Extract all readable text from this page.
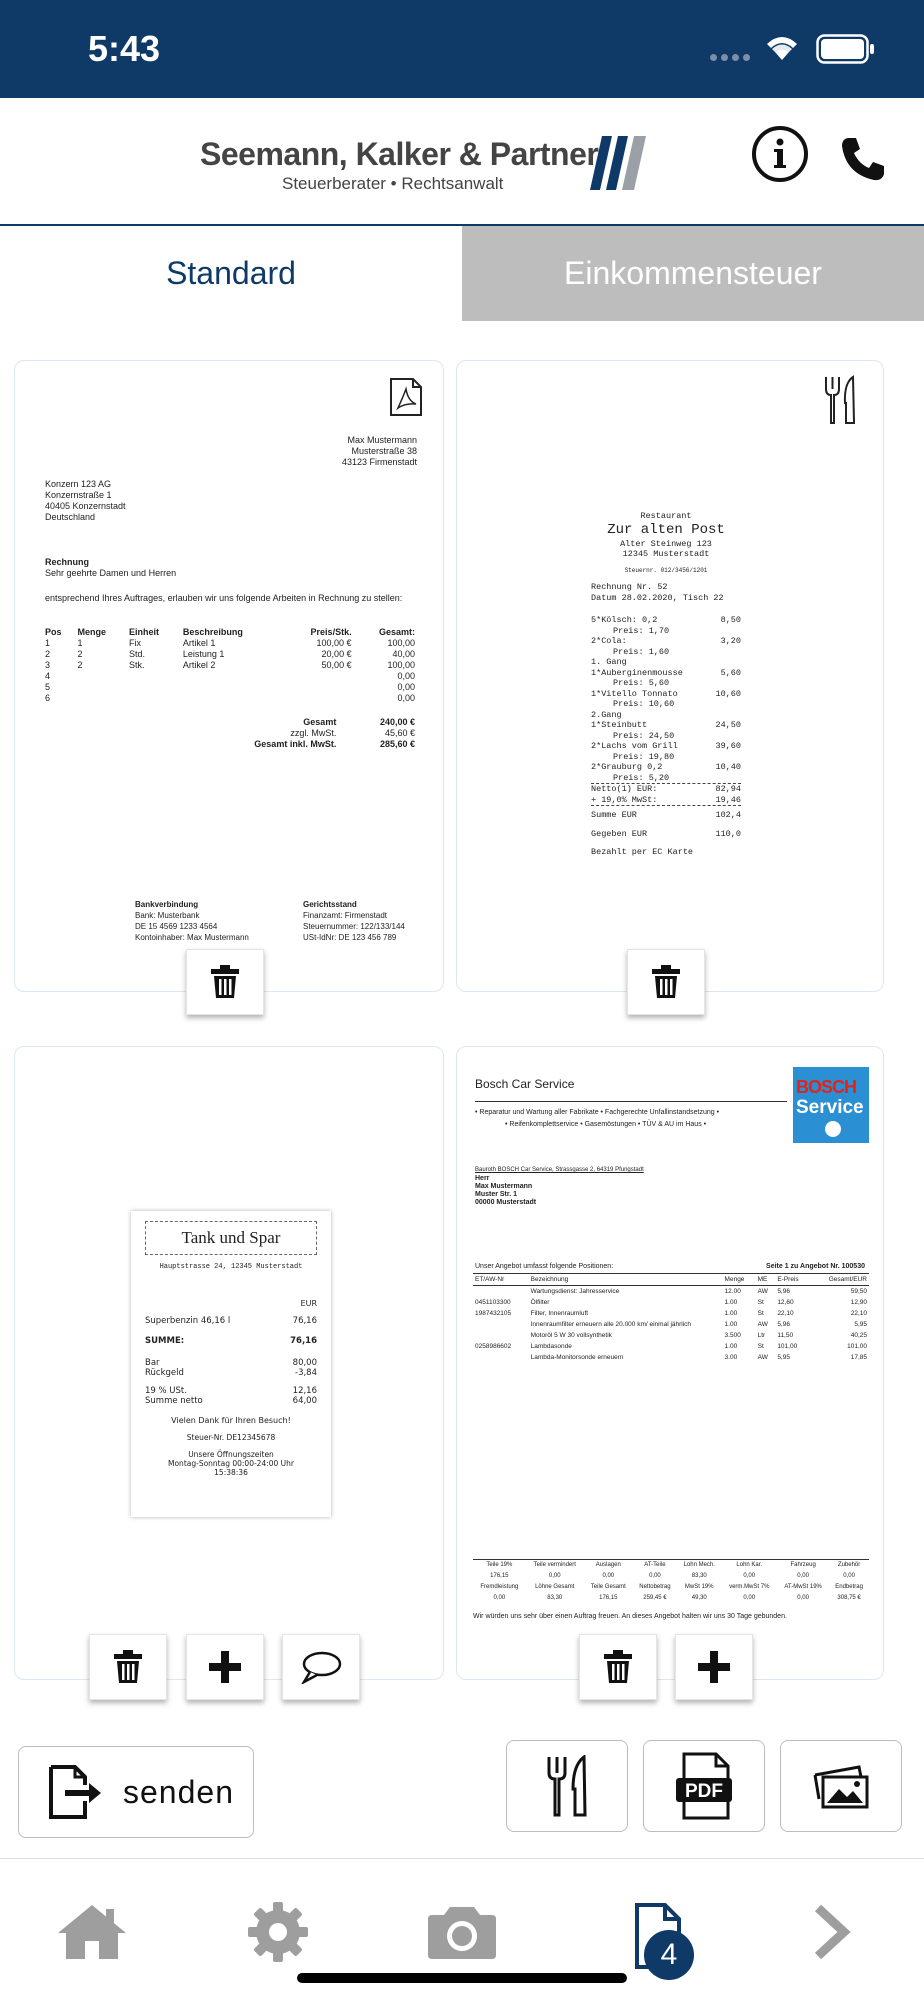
5:43
Seemann, Kalker & Partner
Steuerberater • Rechtsanwalt
Standard	Einkommensteuer
Max Mustermann
Musterstraße 38
43123 Firmenstadt
Konzern 123 AG
Konzernstraße 1
40405 Konzernstadt
Deutschland
Rechnung
Sehr geehrte Damen und Herren
entsprechend Ihres Auftrages, erlauben wir uns folgende Arbeiten in Rechnung zu stellen:
Pos	Menge	Einheit	Beschreibung	Preis/Stk.	Gesamt:
1	1	Fix	Artikel 1	100,00 €	100,00
2	2	Std.	Leistung 1	20,00 €	40,00
3	2	Stk.	Artikel 2	50,00 €	100,00
4					0,00
5					0,00
6					0,00
Gesamt	240,00 €
zzgl. MwSt.	45,60 €
Gesamt inkl. MwSt.	285,60 €
Bankverbindung
Bank: Musterbank
DE 15 4569 1233 4564
Kontoinhaber: Max Mustermann
Gerichtsstand
Finanzamt: Firmenstadt
Steuernummer: 122/133/144
USt-IdNr: DE 123 456 789
Restaurant
Zur alten Post
Alter Steinweg 123
12345 Musterstadt
Steuernr. 012/3456/1201
Rechnung Nr. 52
Datum 28.02.2020, Tisch 22
5*Kölsch: 0,2	8,50
Preis: 1,70
2*Cola:	3,20
Preis: 1,60
1. Gang
1*Auberginenmousse	5,60
Preis: 5,60
1*Vitello Tonnato	10,60
Preis: 10,60
2.Gang
1*Steinbutt	24,50
Preis: 24,50
2*Lachs vom Grill	39,60
Preis: 19,80
2*Grauburg 0,2	10,40
Preis: 5,20
Netto(1) EUR:	82,94
+ 19,0% MwSt:	19,46
Summe EUR	102,4
Gegeben EUR	110,0
Bezahlt per EC Karte
Tank und Spar
Hauptstrasse 24, 12345 Musterstadt
EUR
Superbenzin 46,16 l	76,16
SUMME:	76,16
Bar	80,00
Rückgeld	-3,84
19 % USt.	12,16
Summe netto	64,00
Vielen Dank für Ihren Besuch!
Steuer-Nr. DE12345678
Unsere Öffnungszeiten
Montag-Sonntag 00:00-24:00 Uhr
15:38:36
Bosch Car Service	BOSCH
Service
• Reparatur und Wartung aller Fabrikate • Fachgerechte Unfallinstandsetzung •
• Reifenkomplettservice • Gasemöstungen • TÜV & AU im Haus •
Bauroth BOSCH Car Service, Strassgasse 2, 64319 Pfungstadt
Herr
Max Mustermann
Muster Str. 1
00000 Musterstadt
Unser Angebot umfasst folgende Positionen:	Seite 1 zu Angebot Nr. 100530
ET/AW-Nr	Bezeichnung	Menge	ME	E-Preis	Gesamt/EUR
	Wartungsdienst: Jahresservice	12.00	AW	5,96	59,50
0451103300	Ölfilter	1.00	St	12,60	12,90
1987432105	Filter, Innenraumluft	1.00	St	22,10	22,10
	Innenraumfilter erneuern alle 20.000 km/ einmal jährlich	1.00	AW	5,96	5,95
	Motoröl 5 W 30 vollsynthetik	3.500	Ltr	11,50	40,25
0258986602	Lambdasonde	1.00	St	101,00	101,00
	Lambda-Monitorsonde erneuern	3.00	AW	5,95	17,85
Teile 19%	Teile vermindert	Auslagen	AT-Teile	Lohn Mech.	Lohn Kar.	Fahrzeug	Zubehör
176,15	0,00	0,00	0,00	83,30	0,00	0,00	0,00
Fremdleistung	Löhne Gesamt	Teile Gesamt	Nettobetrag	MwSt 19%	verm.MwSt 7%	AT-MwSt 19%	Endbetrag
0,00	83,30	176,15	259,45 €	49,30	0,00	0,00	308,75 €
Wir würden uns sehr über einen Auftrag freuen. An dieses Angebot halten wir uns 30 Tage gebunden.
senden	PDF
4
